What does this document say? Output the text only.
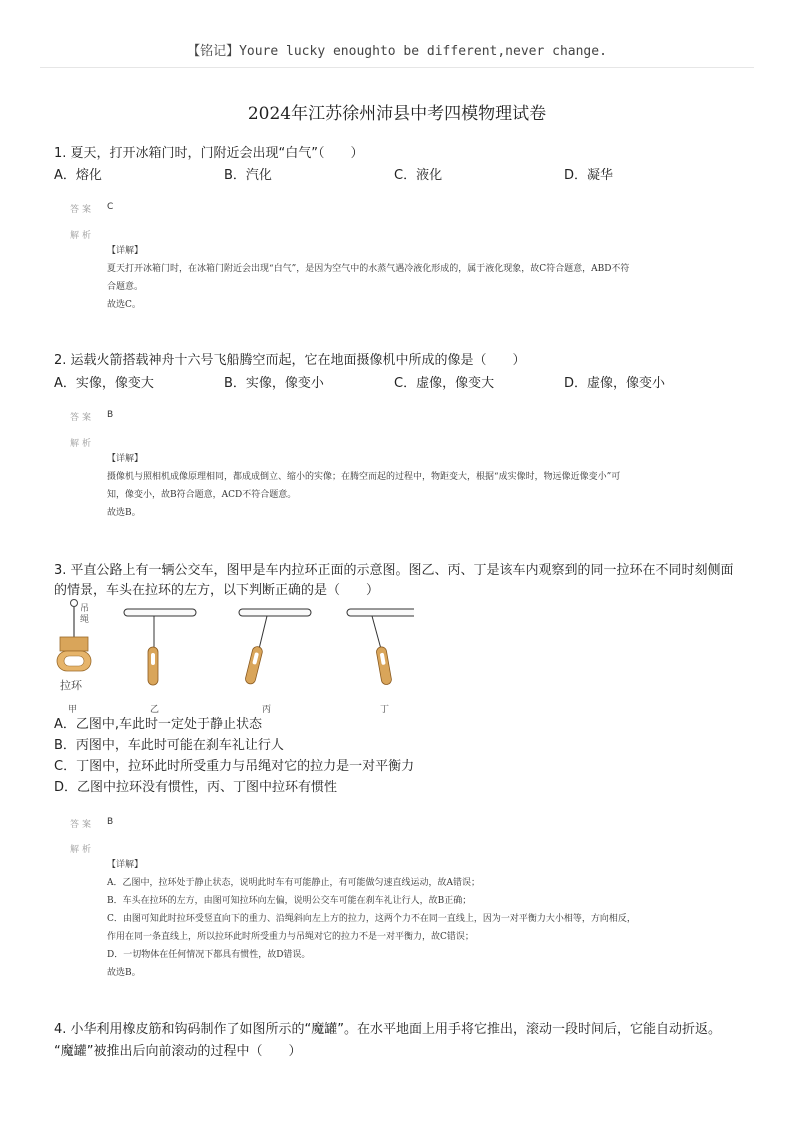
【铭记】Youre lucky enoughto be different,never change.
2024年江苏徐州沛县中考四模物理试卷
1. 夏天，打开冰箱门时，门附近会出现“白气”（　　）
A．熔化	B．汽化	C．液化	D．凝华
答案 C
解析
【详解】
夏天打开冰箱门时，在冰箱门附近会出现“白气”，是因为空气中的水蒸气遇冷液化形成的，属于液化现象，故C符合题意，ABD不符
合题意。
故选C。
2. 运载火箭搭载神舟十六号飞船腾空而起，它在地面摄像机中所成的像是（　　）
A．实像，像变大	B．实像，像变小	C．虚像，像变大	D．虚像，像变小
答案 B
解析
【详解】
摄像机与照相机成像原理相同，都成成倒立、缩小的实像；在腾空而起的过程中，物距变大，根据“成实像时，物远像近像变小”可
知，像变小，故B符合题意，ACD不符合题意。
故选B。
3. 平直公路上有一辆公交车，图甲是车内拉环正面的示意图。图乙、丙、丁是该车内观察到的同一拉环在不同时刻侧面
的情景，车头在拉环的左方，以下判断正确的是（　　）
吊绳
拉环
甲	乙	丙	丁
A．乙图中,车此时一定处于静止状态
B．丙图中，车此时可能在刹车礼让行人
C．丁图中，拉环此时所受重力与吊绳对它的拉力是一对平衡力
D．乙图中拉环没有惯性，丙、丁图中拉环有惯性
答案 B
解析
【详解】
A．乙图中，拉环处于静止状态，说明此时车有可能静止，有可能做匀速直线运动，故A错误；
B．车头在拉环的左方，由图可知拉环向左偏，说明公交车可能在刹车礼让行人，故B正确；
C．由图可知此时拉环受竖直向下的重力、沿绳斜向左上方的拉力，这两个力不在同一直线上，因为一对平衡力大小相等，方向相反，
作用在同一条直线上，所以拉环此时所受重力与吊绳对它的拉力不是一对平衡力，故C错误；
D．一切物体在任何情况下都具有惯性，故D错误。
故选B。
4. 小华利用橡皮筋和钩码制作了如图所示的“魔罐”。在水平地面上用手将它推出，滚动一段时间后，它能自动折返。
“魔罐”被推出后向前滚动的过程中（　　）
